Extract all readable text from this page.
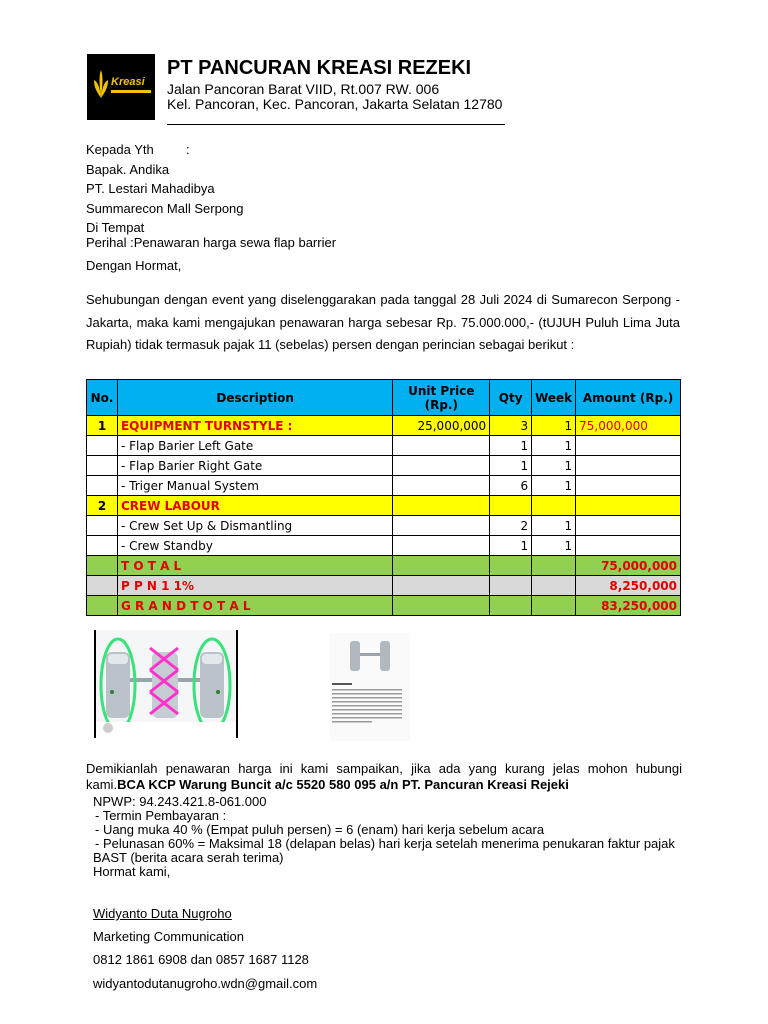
Kreasi
PT PANCURAN KREASI REZEKI
Jalan Pancoran Barat VIID, Rt.007 RW. 006
Kel. Pancoran, Kec. Pancoran, Jakarta Selatan 12780
Kepada Yth :
Bapak. Andika
PT. Lestari Mahadibya
Summarecon Mall Serpong
Di Tempat
Perihal :Penawaran harga sewa flap barrier
Dengan Hormat,
Sehubungan dengan event yang diselenggarakan pada tanggal 28 Juli 2024 di Sumarecon Serpong - Jakarta, maka kami mengajukan penawaran harga sebesar Rp. 75.000.000,- (tUJUH Puluh Lima Juta Rupiah) tidak termasuk pajak 11 (sebelas) persen dengan perincian sebagai berikut :
No.	Description	Unit Price (Rp.)	Qty	Week	Amount (Rp.)
1	EQUIPMENT TURNSTYLE :	25,000,000	3	1	75,000,000
	- Flap Barier Left Gate		1	1	
	- Flap Barier Right Gate		1	1	
	- Triger Manual System		6	1	
2	CREW LABOUR				
	- Crew Set Up & Dismantling		2	1	
	- Crew Standby		1	1	
	T O T A L				75,000,000
	P P N 1 1%				8,250,000
	G R A N D T O T A L				83,250,000
Demikianlah penawaran harga ini kami sampaikan, jika ada yang kurang jelas mohon hubungi
kami.BCA KCP Warung Buncit a/c 5520 580 095 a/n PT. Pancuran Kreasi Rejeki
NPWP: 94.243.421.8-061.000
- Termin Pembayaran :
- Uang muka 40 % (Empat puluh persen) = 6 (enam) hari kerja sebelum acara
- Pelunasan 60% = Maksimal 18 (delapan belas) hari kerja setelah menerima penukaran faktur pajak
BAST (berita acara serah terima)
Hormat kami,
Widyanto Duta Nugroho
Marketing Communication
0812 1861 6908 dan 0857 1687 1128
widyantodutanugroho.wdn@gmail.com
